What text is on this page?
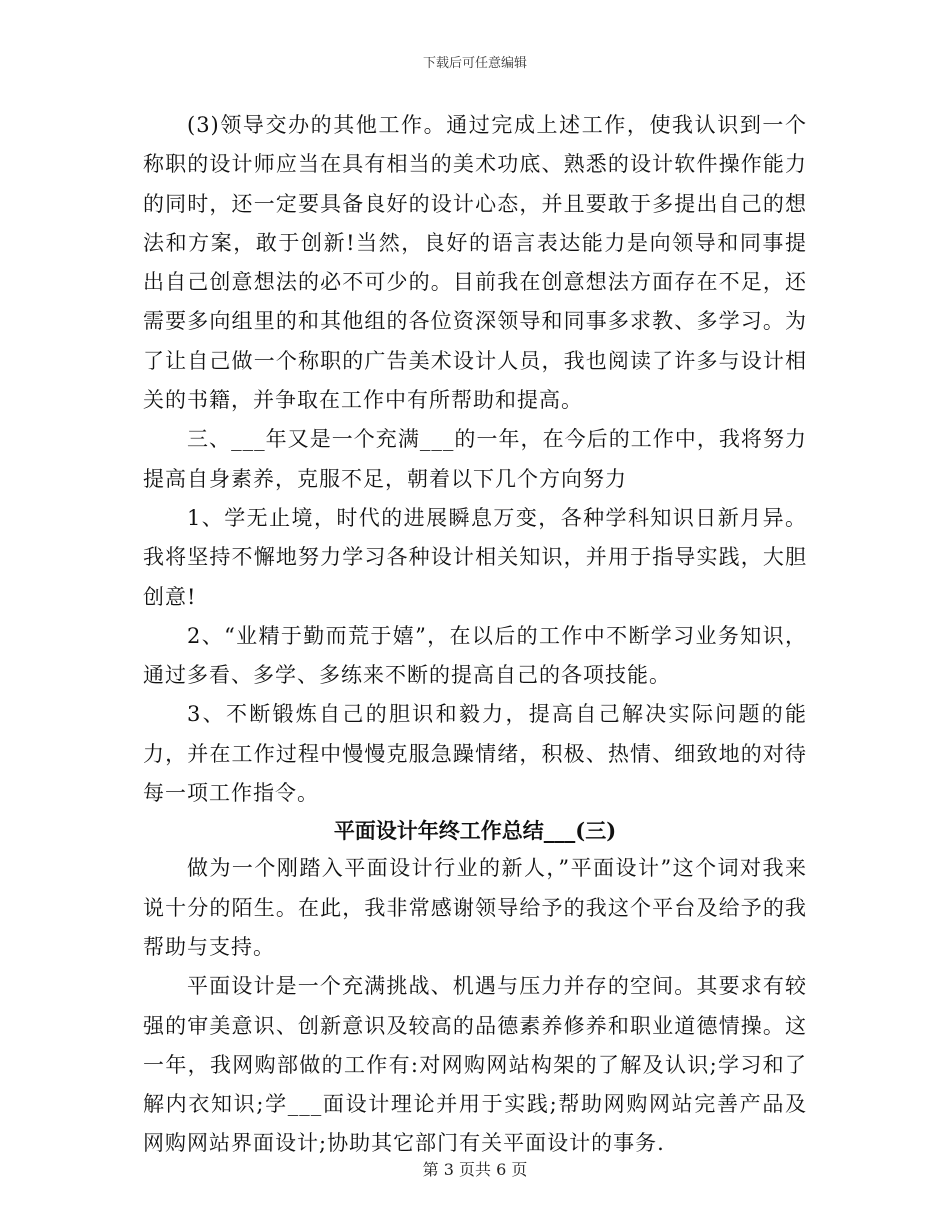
下载后可任意编辑

(3)领导交办的其他工作。通过完成上述工作，使我认识到一个称职的设计师应当在具有相当的美术功底、熟悉的设计软件操作能力的同时，还一定要具备良好的设计心态，并且要敢于多提出自己的想法和方案，敢于创新!当然，良好的语言表达能力是向领导和同事提出自己创意想法的必不可少的。目前我在创意想法方面存在不足，还需要多向组里的和其他组的各位资深领导和同事多求教、多学习。为了让自己做一个称职的广告美术设计人员，我也阅读了许多与设计相关的书籍，并争取在工作中有所帮助和提高。

三、___年又是一个充满___的一年，在今后的工作中，我将努力提高自身素养，克服不足，朝着以下几个方向努力

1、学无止境，时代的进展瞬息万变，各种学科知识日新月异。我将坚持不懈地努力学习各种设计相关知识，并用于指导实践，大胆创意!

2、“业精于勤而荒于嬉”，在以后的工作中不断学习业务知识，通过多看、多学、多练来不断的提高自己的各项技能。

3、不断锻炼自己的胆识和毅力，提高自己解决实际问题的能力，并在工作过程中慢慢克服急躁情绪，积极、热情、细致地的对待每一项工作指令。

平面设计年终工作总结___(三)

做为一个刚踏入平面设计行业的新人，”平面设计”这个词对我来说十分的陌生。在此，我非常感谢领导给予的我这个平台及给予的我帮助与支持。

平面设计是一个充满挑战、机遇与压力并存的空间。其要求有较强的审美意识、创新意识及较高的品德素养修养和职业道德情操。这一年，我网购部做的工作有:对网购网站构架的了解及认识;学习和了解内衣知识;学___面设计理论并用于实践;帮助网购网站完善产品及网购网站界面设计;协助其它部门有关平面设计的事务.

第 3 页共 6 页
